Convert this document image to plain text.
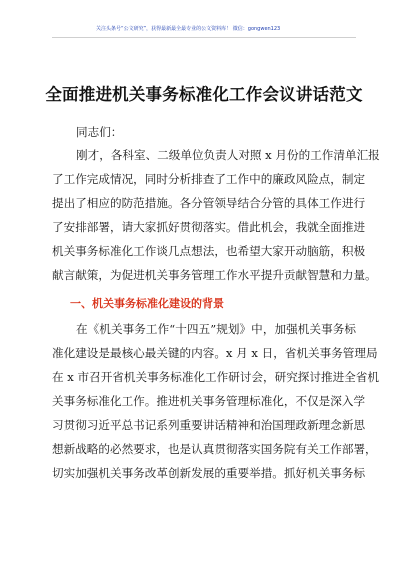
关注头条号“公文研究”，获得最新最全最专业的公文资料库！ 微信：gongwen123
全面推进机关事务标准化工作会议讲话范文
同志们：
刚才，各科室、二级单位负责人对照 x 月份的工作清单汇报
了工作完成情况，同时分析排查了工作中的廉政风险点，制定
提出了相应的防范措施。各分管领导结合分管的具体工作进行
了安排部署，请大家抓好贯彻落实。借此机会，我就全面推进
机关事务标准化工作谈几点想法，也希望大家开动脑筋，积极
献言献策，为促进机关事务管理工作水平提升贡献智慧和力量。
一、机关事务标准化建设的背景
在《机关事务工作“十四五”规划》中，加强机关事务标
准化建设是最核心最关键的内容。x 月 x 日，省机关事务管理局
在 x 市召开省机关事务标准化工作研讨会，研究探讨推进全省机
关事务标准化工作。推进机关事务管理标准化，不仅是深入学
习贯彻习近平总书记系列重要讲话精神和治国理政新理念新思
想新战略的必然要求，也是认真贯彻落实国务院有关工作部署，
切实加强机关事务改革创新发展的重要举措。抓好机关事务标
